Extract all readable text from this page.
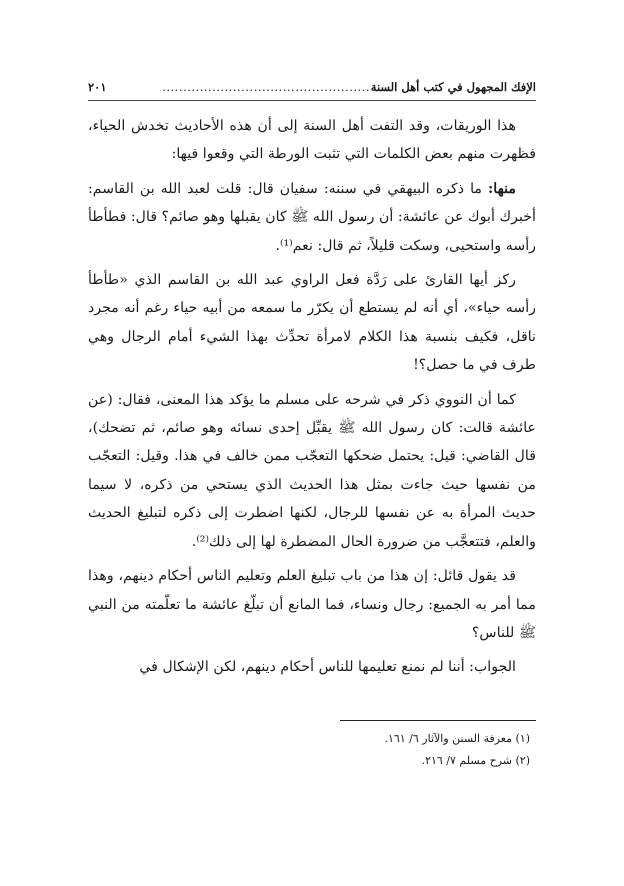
الإفك المجهول في كتب أهل السنة
..................................................
٢٠١

هذا الوريقات، وقد التفت أهل السنة إلى أن هذه الأحاديث تخدش الحياء، فظهرت منهم بعض الكلمات التي تثبت الورطة التي وقعوا فيها:

منها: ما ذكره البيهقي في سننه: سفيان قال: قلت لعبد الله بن القاسم: أخبرك أبوك عن عائشة: أن رسول الله ﷺ كان يقبلها وهو صائم؟ قال: فطأطأ رأسه واستحيى، وسكت قليلاً، ثم قال: نعم⁽¹⁾.

ركز أيها القارئ على رَدَّة فعل الراوي عبد الله بن القاسم الذي «طأطأ رأسه حياء»، أي أنه لم يستطع أن يكرّر ما سمعه من أبيه حياء رغم أنه مجرد ناقل، فكيف بنسبة هذا الكلام لامرأة تحدِّث بهذا الشيء أمام الرجال وهي طرف في ما حصل؟!

كما أن النووي ذكر في شرحه على مسلم ما يؤكد هذا المعنى، فقال: (عن عائشة قالت: كان رسول الله ﷺ يقبِّل إحدى نسائه وهو صائم، ثم تضحك)، قال القاضي: قيل: يحتمل ضحكها التعجّب ممن خالف في هذا. وقيل: التعجّب من نفسها حيث جاءت بمثل هذا الحديث الذي يستحي من ذكره، لا سيما حديث المرأة به عن نفسها للرجال، لكنها اضطرت إلى ذكره لتبليغ الحديث والعلم، فتتعجَّب من ضرورة الحال المضطرة لها إلى ذلك⁽²⁾.

قد يقول قائل: إن هذا من باب تبليغ العلم وتعليم الناس أحكام دينهم، وهذا مما أمر به الجميع: رجال ونساء، فما المانع أن تبلّغ عائشة ما تعلّمته من النبي ﷺ للناس؟

الجواب: أننا لم نمنع تعليمها للناس أحكام دينهم، لكن الإشكال في

(١) معرفة السنن والآثار ٦/ ١٦١.
(٢) شرح مسلم ٧/ ٢١٦.
